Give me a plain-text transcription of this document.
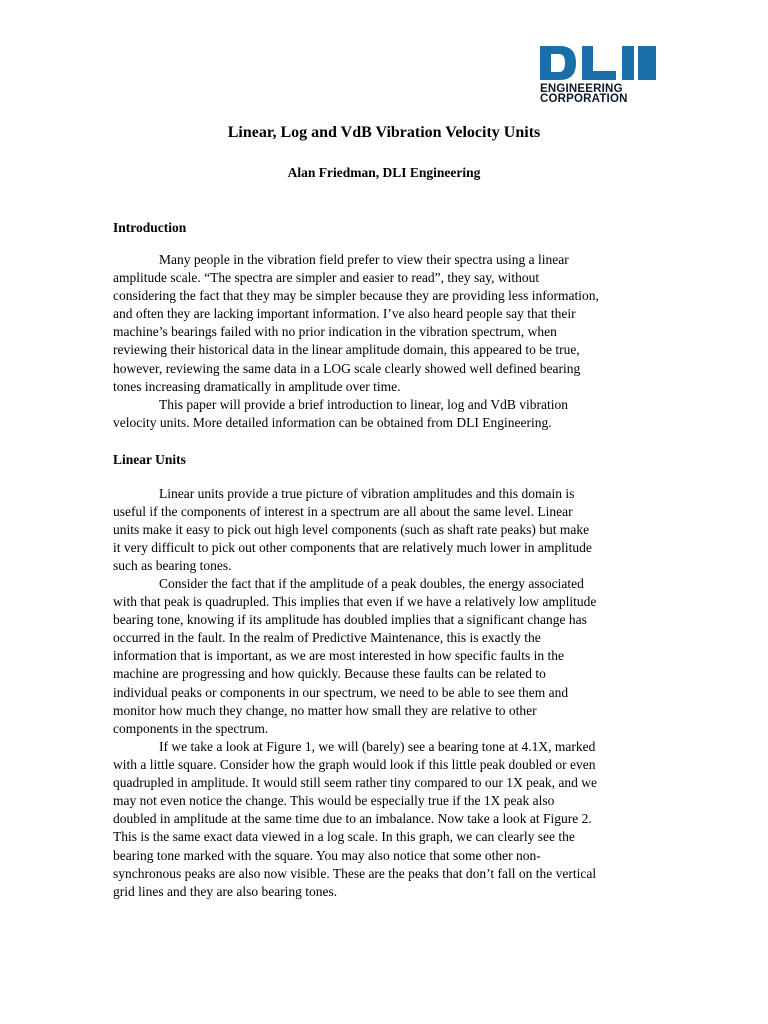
ENGINEERING
CORPORATION
Linear, Log and VdB Vibration Velocity Units

Alan Friedman, DLI Engineering

Introduction
Many people in the vibration field prefer to view their spectra using a linear
amplitude scale. “The spectra are simpler and easier to read”, they say, without
considering the fact that they may be simpler because they are providing less information,
and often they are lacking important information. I’ve also heard people say that their
machine’s bearings failed with no prior indication in the vibration spectrum, when
reviewing their historical data in the linear amplitude domain, this appeared to be true,
however, reviewing the same data in a LOG scale clearly showed well defined bearing
tones increasing dramatically in amplitude over time.
This paper will provide a brief introduction to linear, log and VdB vibration
velocity units. More detailed information can be obtained from DLI Engineering.
Linear Units
Linear units provide a true picture of vibration amplitudes and this domain is
useful if the components of interest in a spectrum are all about the same level. Linear
units make it easy to pick out high level components (such as shaft rate peaks) but make
it very difficult to pick out other components that are relatively much lower in amplitude
such as bearing tones.
Consider the fact that if the amplitude of a peak doubles, the energy associated
with that peak is quadrupled. This implies that even if we have a relatively low amplitude
bearing tone, knowing if its amplitude has doubled implies that a significant change has
occurred in the fault. In the realm of Predictive Maintenance, this is exactly the
information that is important, as we are most interested in how specific faults in the
machine are progressing and how quickly. Because these faults can be related to
individual peaks or components in our spectrum, we need to be able to see them and
monitor how much they change, no matter how small they are relative to other
components in the spectrum.
If we take a look at Figure 1, we will (barely) see a bearing tone at 4.1X, marked
with a little square. Consider how the graph would look if this little peak doubled or even
quadrupled in amplitude. It would still seem rather tiny compared to our 1X peak, and we
may not even notice the change. This would be especially true if the 1X peak also
doubled in amplitude at the same time due to an imbalance. Now take a look at Figure 2.
This is the same exact data viewed in a log scale. In this graph, we can clearly see the
bearing tone marked with the square. You may also notice that some other non-
synchronous peaks are also now visible. These are the peaks that don’t fall on the vertical
grid lines and they are also bearing tones.
